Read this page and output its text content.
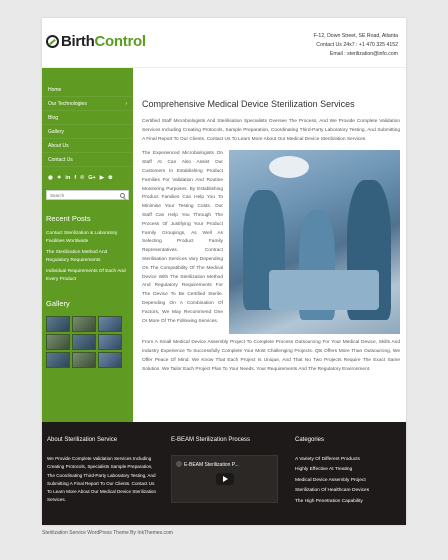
Birth Control	F-12, Down Street, SE Road, Atlanta
Contact Us 24x7 : +1 470 325 4152
Email : sterilization@info.com
Home
Our Technologies	›
Blog
Gallery
About Us
Contact Us
◉ ✶ in f ℗ G+ ▶ ⊛
Search
Recent Posts
Contact Sterilization & Laboratory Facilities Worldwide
The Sterilization Method And Regulatory Requirements
Individual Requirements Of Each And Every Product
Gallery
Comprehensive Medical Device Sterilization Services

Certified Staff Microbiologists And Sterilisation Specialists Oversee The Process, And We Provide Complete Validation Services Including Creating Protocols, Sample Preparation, Coordinating Third-Party Laboratory Testing, And Submitting A Final Report To Our Clients. Contact Us To Learn More About Our Medical Device Sterilization Services.

The Experienced Microbiologists On Staff At Can Also Assist Our Customers In Establishing Product Families For Validation And Routine Monitoring Purposes. By Establishing Product Families Can Help You To Minimise Your Testing Costs. Our Staff Can Help You Through The Process Of Justifying Your Product Family Groupings, As Well As Selecting Product Family Representatives. Contract Sterilisation Services Vary Depending On The Compatibility Of The Medical Device With The Sterilization Method And Regulatory Requirements For The Device To Be Certified Sterile. Depending On A Combination Of Factors, We May Recommend One Or More Of The Following Services.

From A Small Medical Device Assembly Project To Complete Process Outsourcing For Your Medical Device, Skills And Industry Experience To Successfully Complete Your Most Challenging Projects. Qts Offers More Than Outsourcing, We Offer Peace Of Mind. We Know That Each Project Is Unique, And That No Two Projects Require The Exact Same Solution. We Tailor Each Project Plan To Your Needs, Your Requirements And The Regulatory Environment.

About Sterilization Service

We Provide Complete Validation Services Including Creating Protocols, Specialists Sample Preparation, The Coordinating Third-Party Laboratory Testing, And Submitting A Final Report To Our Clients. Contact Us To Learn More About Our Medical Device Sterilization Services.

E-BEAM Sterilization Process
E-BEAM Sterilization P...
Categories
A Variety Of Different Products
Highly Effective At Treating
Medical Device Assembly Project
Sterilization Of Healthcare Devices
The High Penetration Capability
Sterilization Service WordPress Theme By InkThemes.com
